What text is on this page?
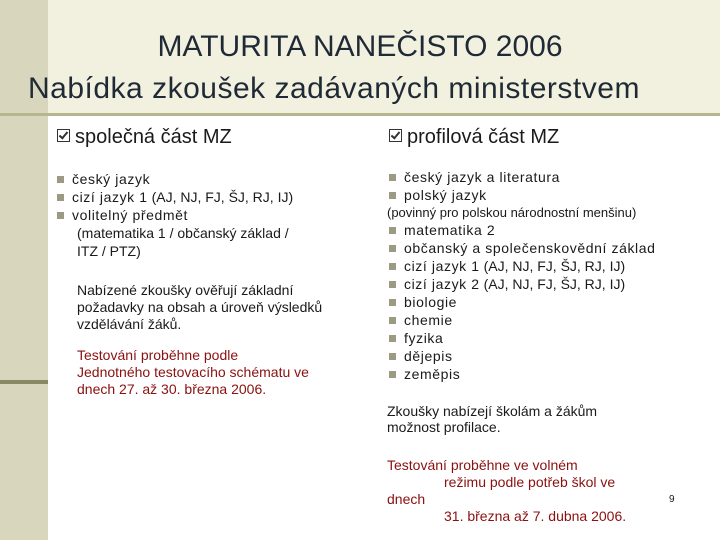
MATURITA NANEČISTO 2006
Nabídka zkoušek zadávaných ministerstvem
společná část MZ
český jazyk
cizí jazyk 1 (AJ, NJ, FJ, ŠJ, RJ, IJ)
volitelný předmět
(matematika 1 / občanský základ /
ITZ / PTZ)
Nabízené zkoušky ověřují základní
požadavky na obsah a úroveň výsledků
vzdělávání žáků.
Testování proběhne podle
Jednotného testovacího schématu ve
dnech 27. až 30. března 2006.
profilová část MZ
český jazyk a literatura
polský jazyk
(povinný pro polskou národnostní menšinu)
matematika 2
občanský a společenskovědní základ
cizí jazyk 1 (AJ, NJ, FJ, ŠJ, RJ, IJ)
cizí jazyk 2 (AJ, NJ, FJ, ŠJ, RJ, IJ)
biologie
chemie
fyzika
dějepis
zeměpis
Zkoušky nabízejí školám a žákům
možnost profilace.
Testování proběhne ve volném
režimu podle potřeb škol ve
dnech
31. března až 7. dubna 2006.
9
